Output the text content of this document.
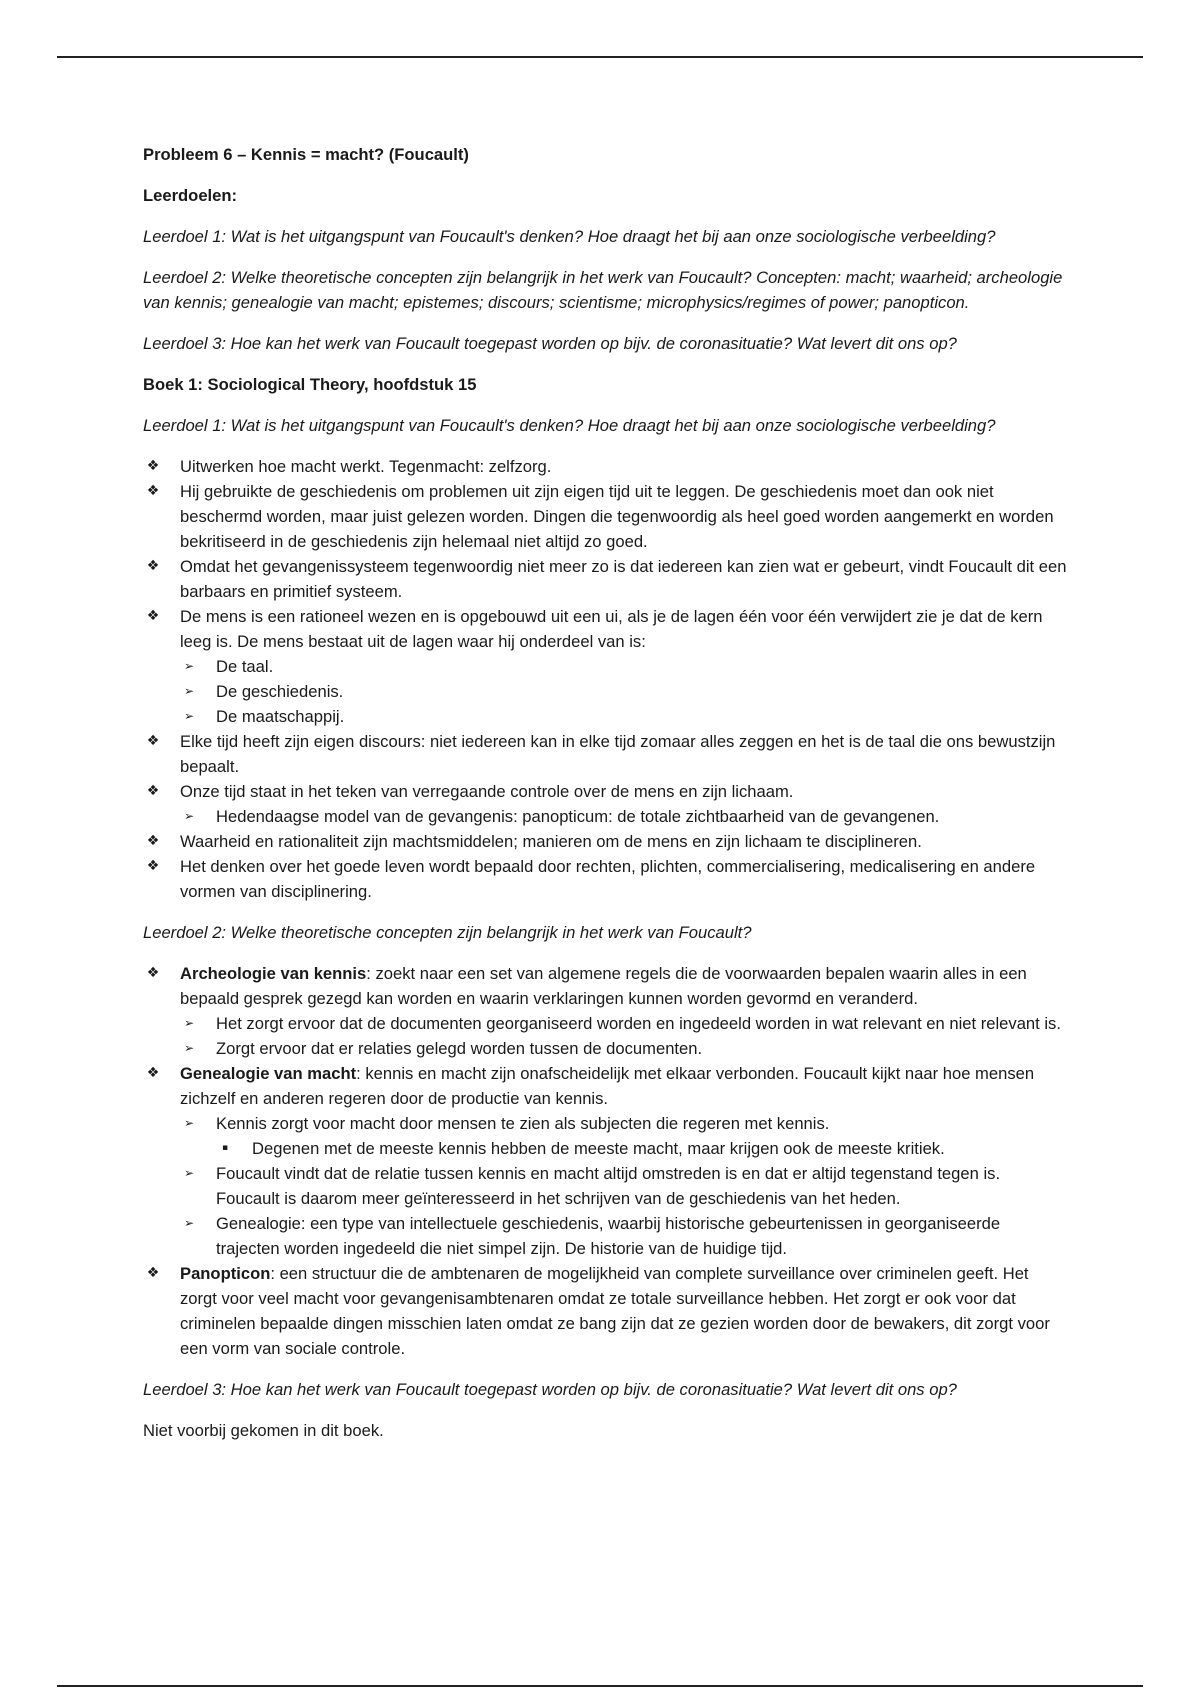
Probleem 6 – Kennis = macht? (Foucault)

Leerdoelen:

Leerdoel 1: Wat is het uitgangspunt van Foucault's denken? Hoe draagt het bij aan onze sociologische verbeelding?

Leerdoel 2: Welke theoretische concepten zijn belangrijk in het werk van Foucault? Concepten: macht; waarheid; archeologie van kennis; genealogie van macht; epistemes; discours; scientisme; microphysics/regimes of power; panopticon.

Leerdoel 3: Hoe kan het werk van Foucault toegepast worden op bijv. de coronasituatie? Wat levert dit ons op?

Boek 1: Sociological Theory, hoofdstuk 15

Leerdoel 1: Wat is het uitgangspunt van Foucault's denken? Hoe draagt het bij aan onze sociologische verbeelding?

❖ Uitwerken hoe macht werkt. Tegenmacht: zelfzorg.
❖ Hij gebruikte de geschiedenis om problemen uit zijn eigen tijd uit te leggen. De geschiedenis moet dan ook niet beschermd worden, maar juist gelezen worden. Dingen die tegenwoordig als heel goed worden aangemerkt en worden bekritiseerd in de geschiedenis zijn helemaal niet altijd zo goed.
❖ Omdat het gevangenissysteem tegenwoordig niet meer zo is dat iedereen kan zien wat er gebeurt, vindt Foucault dit een barbaars en primitief systeem.
❖ De mens is een rationeel wezen en is opgebouwd uit een ui, als je de lagen één voor één verwijdert zie je dat de kern leeg is. De mens bestaat uit de lagen waar hij onderdeel van is:
➢ De taal.
➢ De geschiedenis.
➢ De maatschappij.
❖ Elke tijd heeft zijn eigen discours: niet iedereen kan in elke tijd zomaar alles zeggen en het is de taal die ons bewustzijn bepaalt.
❖ Onze tijd staat in het teken van verregaande controle over de mens en zijn lichaam.
➢ Hedendaagse model van de gevangenis: panopticum: de totale zichtbaarheid van de gevangenen.
❖ Waarheid en rationaliteit zijn machtsmiddelen; manieren om de mens en zijn lichaam te disciplineren.
❖ Het denken over het goede leven wordt bepaald door rechten, plichten, commercialisering, medicalisering en andere vormen van disciplinering.

Leerdoel 2: Welke theoretische concepten zijn belangrijk in het werk van Foucault?

❖ Archeologie van kennis: zoekt naar een set van algemene regels die de voorwaarden bepalen waarin alles in een bepaald gesprek gezegd kan worden en waarin verklaringen kunnen worden gevormd en veranderd.
➢ Het zorgt ervoor dat de documenten georganiseerd worden en ingedeeld worden in wat relevant en niet relevant is.
➢ Zorgt ervoor dat er relaties gelegd worden tussen de documenten.
❖ Genealogie van macht: kennis en macht zijn onafscheidelijk met elkaar verbonden. Foucault kijkt naar hoe mensen zichzelf en anderen regeren door de productie van kennis.
➢ Kennis zorgt voor macht door mensen te zien als subjecten die regeren met kennis.
▪	Degenen met de meeste kennis hebben de meeste macht, maar krijgen ook de meeste kritiek.
➢ Foucault vindt dat de relatie tussen kennis en macht altijd omstreden is en dat er altijd tegenstand tegen is. Foucault is daarom meer geïnteresseerd in het schrijven van de geschiedenis van het heden.
➢ Genealogie: een type van intellectuele geschiedenis, waarbij historische gebeurtenissen in georganiseerde trajecten worden ingedeeld die niet simpel zijn. De historie van de huidige tijd.
❖ Panopticon: een structuur die de ambtenaren de mogelijkheid van complete surveillance over criminelen geeft. Het zorgt voor veel macht voor gevangenisambtenaren omdat ze totale surveillance hebben. Het zorgt er ook voor dat criminelen bepaalde dingen misschien laten omdat ze bang zijn dat ze gezien worden door de bewakers, dit zorgt voor een vorm van sociale controle.

Leerdoel 3: Hoe kan het werk van Foucault toegepast worden op bijv. de coronasituatie? Wat levert dit ons op?

Niet voorbij gekomen in dit boek.
